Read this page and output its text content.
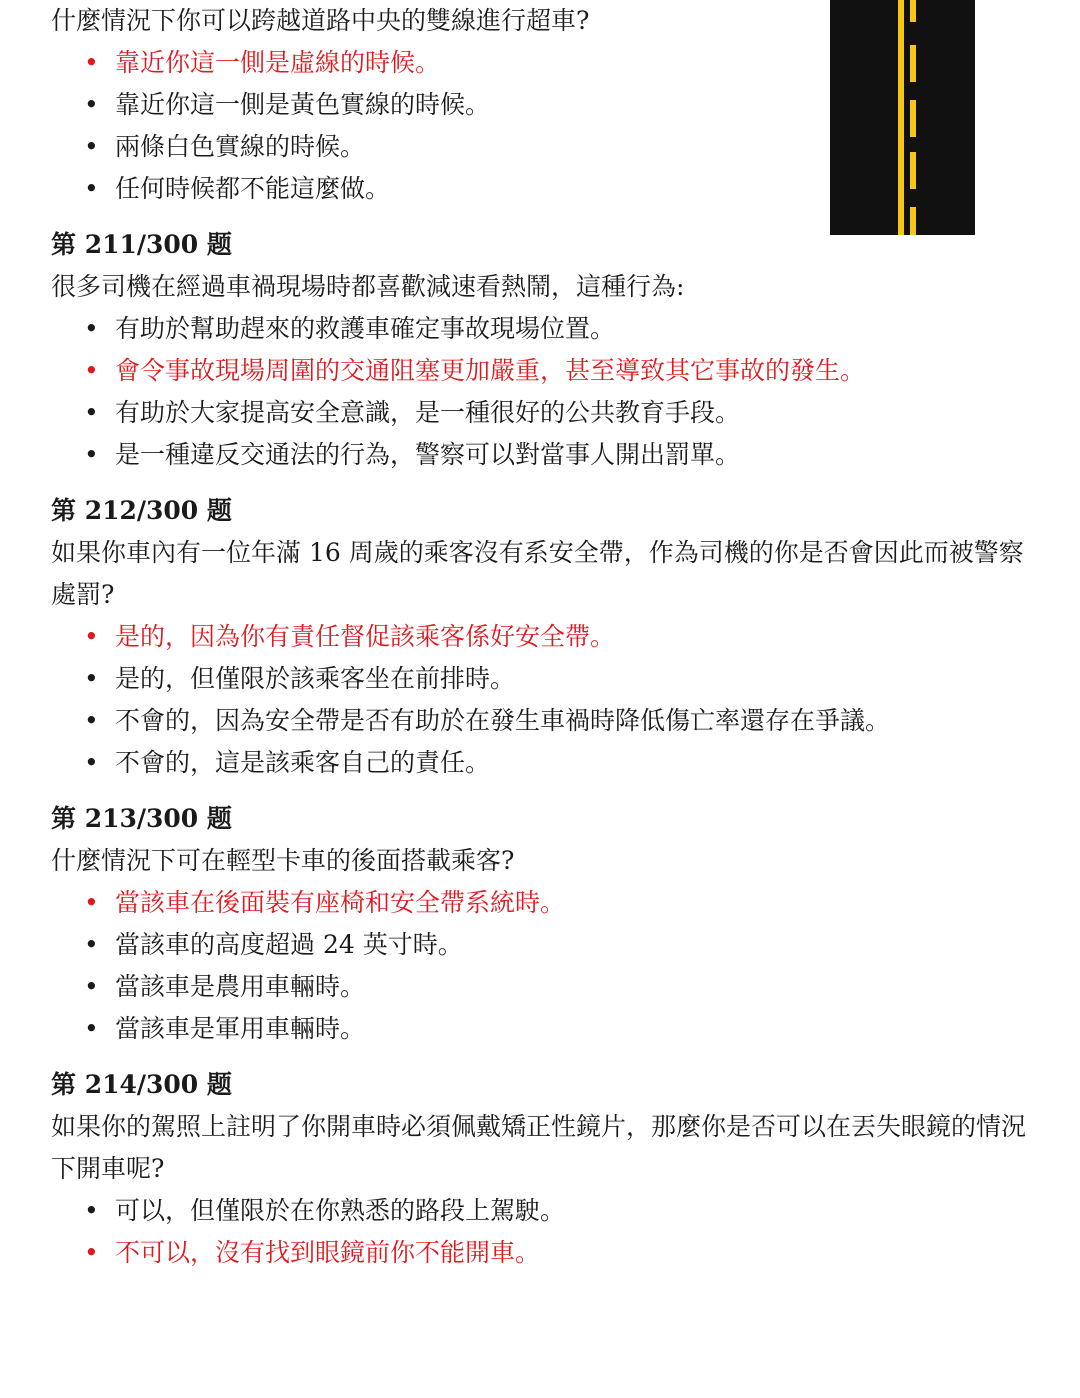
什麼情況下你可以跨越道路中央的雙線進行超車?
• 靠近你這一側是虛線的時候。
• 靠近你這一側是黃色實線的時候。
• 兩條白色實線的時候。
• 任何時候都不能這麼做。
第 211/300 题
很多司機在經過車禍現場時都喜歡減速看熱鬧，這種行為:
• 有助於幫助趕來的救護車確定事故現場位置。
• 會令事故現場周圍的交通阻塞更加嚴重，甚至導致其它事故的發生。
• 有助於大家提高安全意識，是一種很好的公共教育手段。
• 是一種違反交通法的行為，警察可以對當事人開出罰單。
第 212/300 题
如果你車內有一位年滿 16 周歲的乘客沒有系安全帶，作為司機的你是否會因此而被警察處罰?
• 是的，因為你有責任督促該乘客係好安全帶。
• 是的，但僅限於該乘客坐在前排時。
• 不會的，因為安全帶是否有助於在發生車禍時降低傷亡率還存在爭議。
• 不會的，這是該乘客自己的責任。
第 213/300 题
什麼情況下可在輕型卡車的後面搭載乘客?
• 當該車在後面裝有座椅和安全帶系統時。
• 當該車的高度超過 24 英寸時。
• 當該車是農用車輛時。
• 當該車是軍用車輛時。
第 214/300 题
如果你的駕照上註明了你開車時必須佩戴矯正性鏡片，那麼你是否可以在丟失眼鏡的情況下開車呢?
• 可以，但僅限於在你熟悉的路段上駕駛。
• 不可以，沒有找到眼鏡前你不能開車。
